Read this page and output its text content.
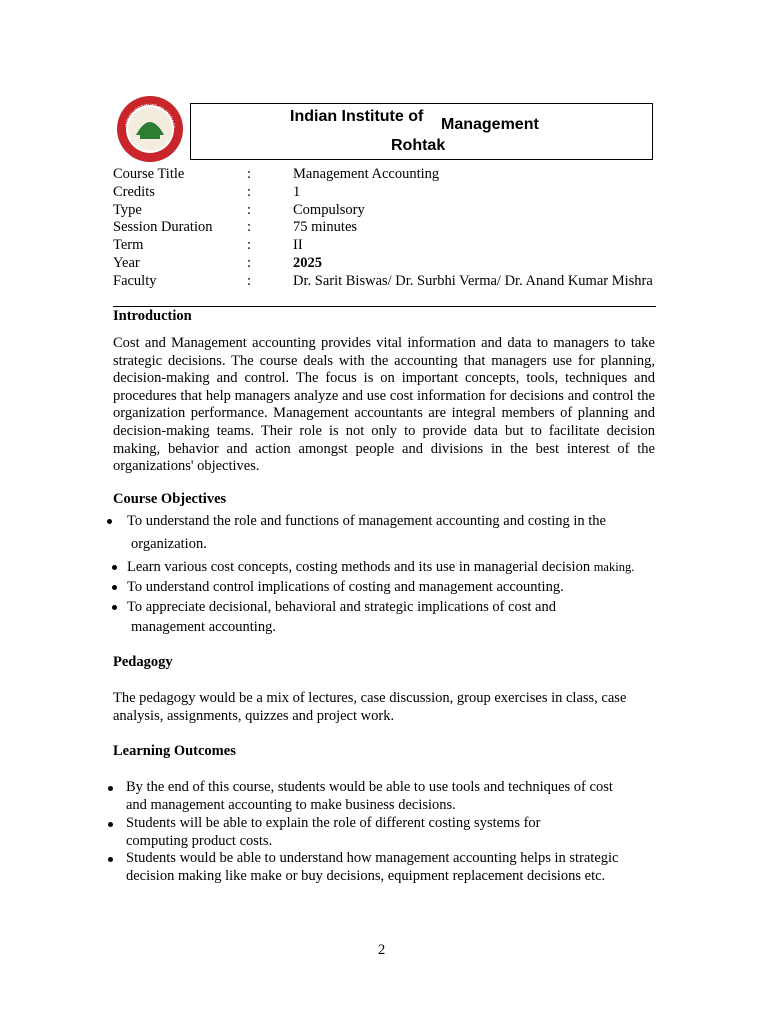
INDIAN INSTITUTE OF MANAGE
ROHTAK
Indian Institute of Management
Rohtak
Course Title	:	Management Accounting
Credits	:	1
Type	:	Compulsory
Session Duration :	75 minutes
Term	:	II
Year	:	2025
Faculty	:	Dr. Sarit Biswas/ Dr. Surbhi Verma/ Dr. Anand Kumar Mishra
Introduction
Cost and Management accounting provides vital information and data to managers to take strategic decisions. The course deals with the accounting that managers use for planning, decision-making and control. The focus is on important concepts, tools, techniques and procedures that help managers analyze and use cost information for decisions and control the organization performance. Management accountants are integral members of planning and decision-making teams. Their role is not only to provide data but to facilitate decision making, behavior and action amongst people and divisions in the best interest of the organizations' objectives.
Course Objectives
To understand the role and functions of management accounting and costing in the
organization.
Learn various cost concepts, costing methods and its use in managerial decision making.
To understand control implications of costing and management accounting.
To appreciate decisional, behavioral and strategic implications of cost and
management accounting.
Pedagogy
The pedagogy would be a mix of lectures, case discussion, group exercises in class, case analysis, assignments, quizzes and project work.
Learning Outcomes
By the end of this course, students would be able to use tools and techniques of cost
and management accounting to make business decisions.
Students will be able to explain the role of different costing systems for
computing product costs.
Students would be able to understand how management accounting helps in strategic
decision making like make or buy decisions, equipment replacement decisions etc.
2
